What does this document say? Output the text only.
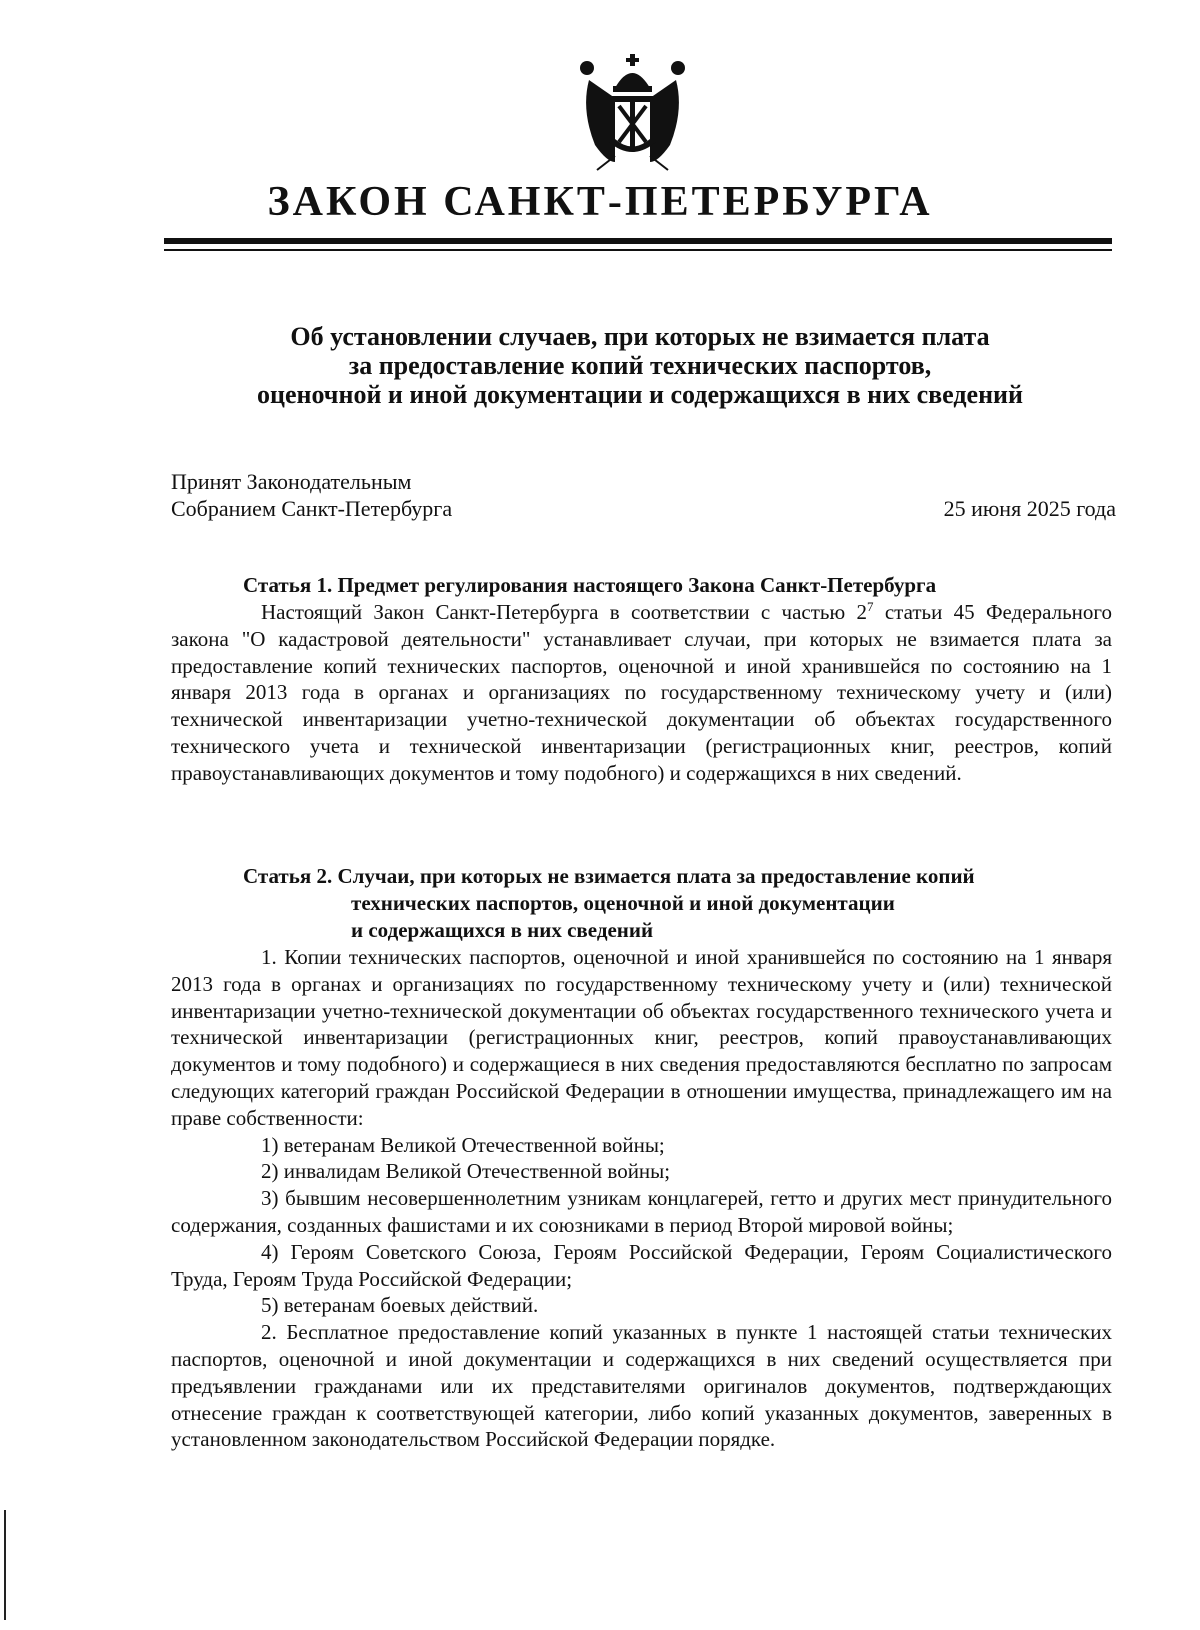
ЗАКОН САНКТ-ПЕТЕРБУРГА
Об установлении случаев, при которых не взимается плата
за предоставление копий технических паспортов,
оценочной и иной документации и содержащихся в них сведений
Принят Законодательным
Собранием Санкт-Петербурга	25 июня 2025 года
Статья 1. Предмет регулирования настоящего Закона Санкт-Петербурга

Настоящий Закон Санкт-Петербурга в соответствии с частью $2^7$ статьи 45 Федерального закона "О кадастровой деятельности" устанавливает случаи, при которых не взимается плата за предоставление копий технических паспортов, оценочной и иной хранившейся по состоянию на 1 января 2013 года в органах и организациях по государственному техническому учету и (или) технической инвентаризации учетно-технической документации об объектах государственного технического учета и технической инвентаризации (регистрационных книг, реестров, копий правоустанавливающих документов и тому подобного) и содержащихся в них сведений.

Статья 2. Случаи, при которых не взимается плата за предоставление копий
технических паспортов, оценочной и иной документации
и содержащихся в них сведений

1. Копии технических паспортов, оценочной и иной хранившейся по состоянию на 1 января 2013 года в органах и организациях по государственному техническому учету и (или) технической инвентаризации учетно-технической документации об объектах государственного технического учета и технической инвентаризации (регистрационных книг, реестров, копий правоустанавливающих документов и тому подобного) и содержащиеся в них сведения предоставляются бесплатно по запросам следующих категорий граждан Российской Федерации в отношении имущества, принадлежащего им на праве собственности:

1) ветеранам Великой Отечественной войны;

2) инвалидам Великой Отечественной войны;

3) бывшим несовершеннолетним узникам концлагерей, гетто и других мест принудительного содержания, созданных фашистами и их союзниками в период Второй мировой войны;

4) Героям Советского Союза, Героям Российской Федерации, Героям Социалистического Труда, Героям Труда Российской Федерации;

5) ветеранам боевых действий.

2. Бесплатное предоставление копий указанных в пункте 1 настоящей статьи технических паспортов, оценочной и иной документации и содержащихся в них сведений осуществляется при предъявлении гражданами или их представителями оригиналов документов, подтверждающих отнесение граждан к соответствующей категории, либо копий указанных документов, заверенных в установленном законодательством Российской Федерации порядке.
